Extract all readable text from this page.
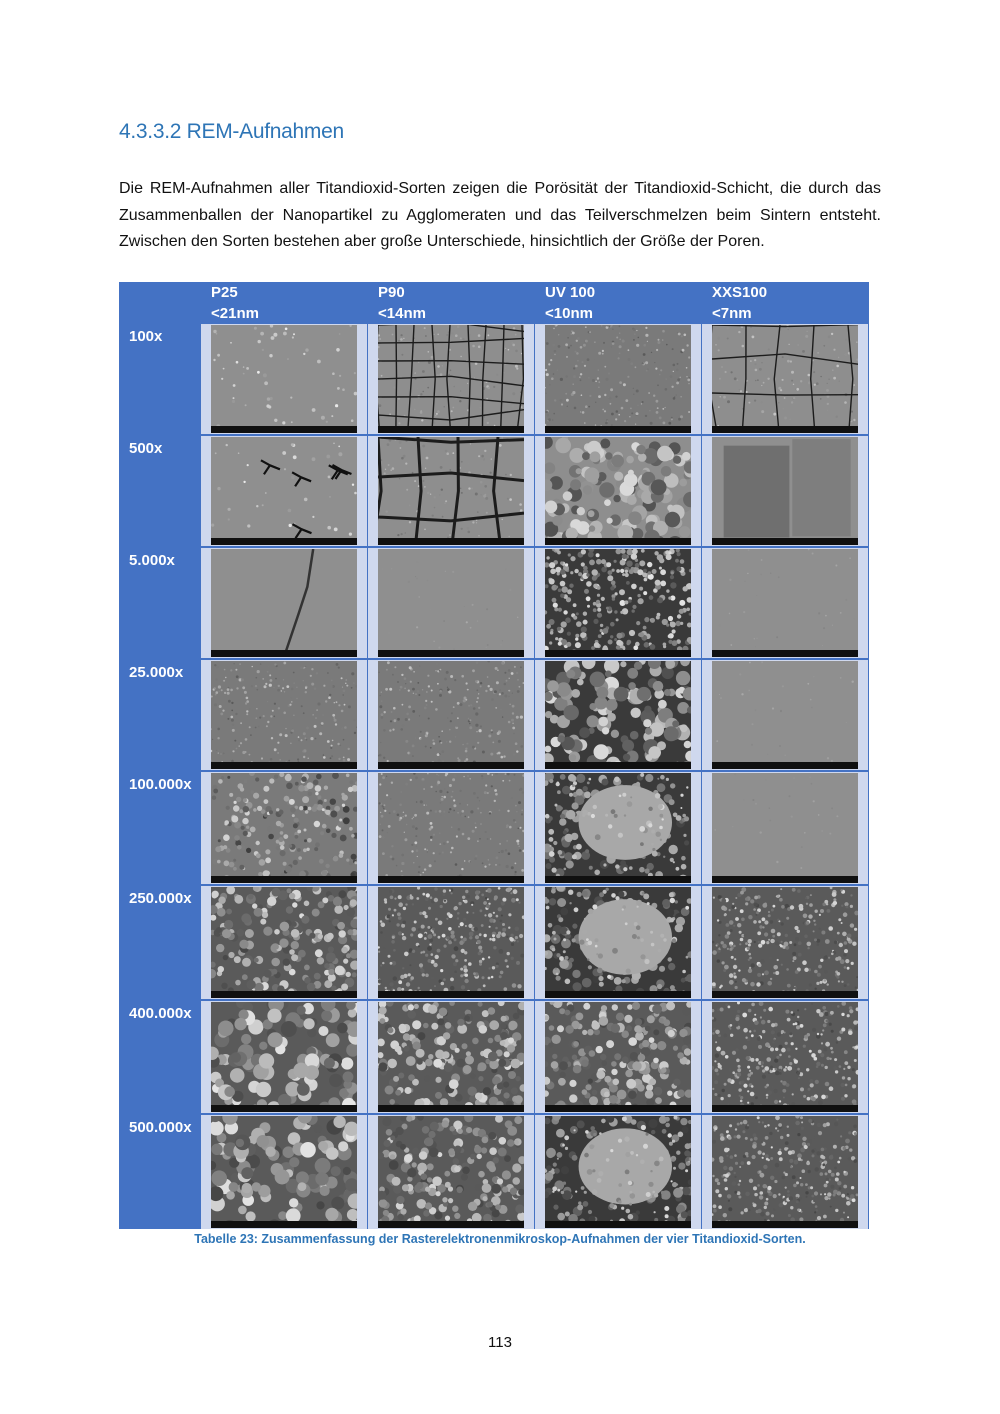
4.3.3.2 REM-Aufnahmen
Die REM-Aufnahmen aller Titandioxid-Sorten zeigen die Porösität der Titandioxid-Schicht, die durch das Zusammenballen der Nanopartikel zu Agglomeraten und das Teilverschmelzen beim Sintern entsteht. Zwischen den Sorten bestehen aber große Unterschiede, hinsichtlich der Größe der Poren.
P25
<21nm
P90
<14nm
UV 100
<10nm
XXS100
<7nm
100x
500x
5.000x
25.000x
100.000x
250.000x
400.000x
500.000x
Tabelle 23: Zusammenfassung der Rasterelektronenmikroskop-Aufnahmen der vier Titandioxid-Sorten.
113
